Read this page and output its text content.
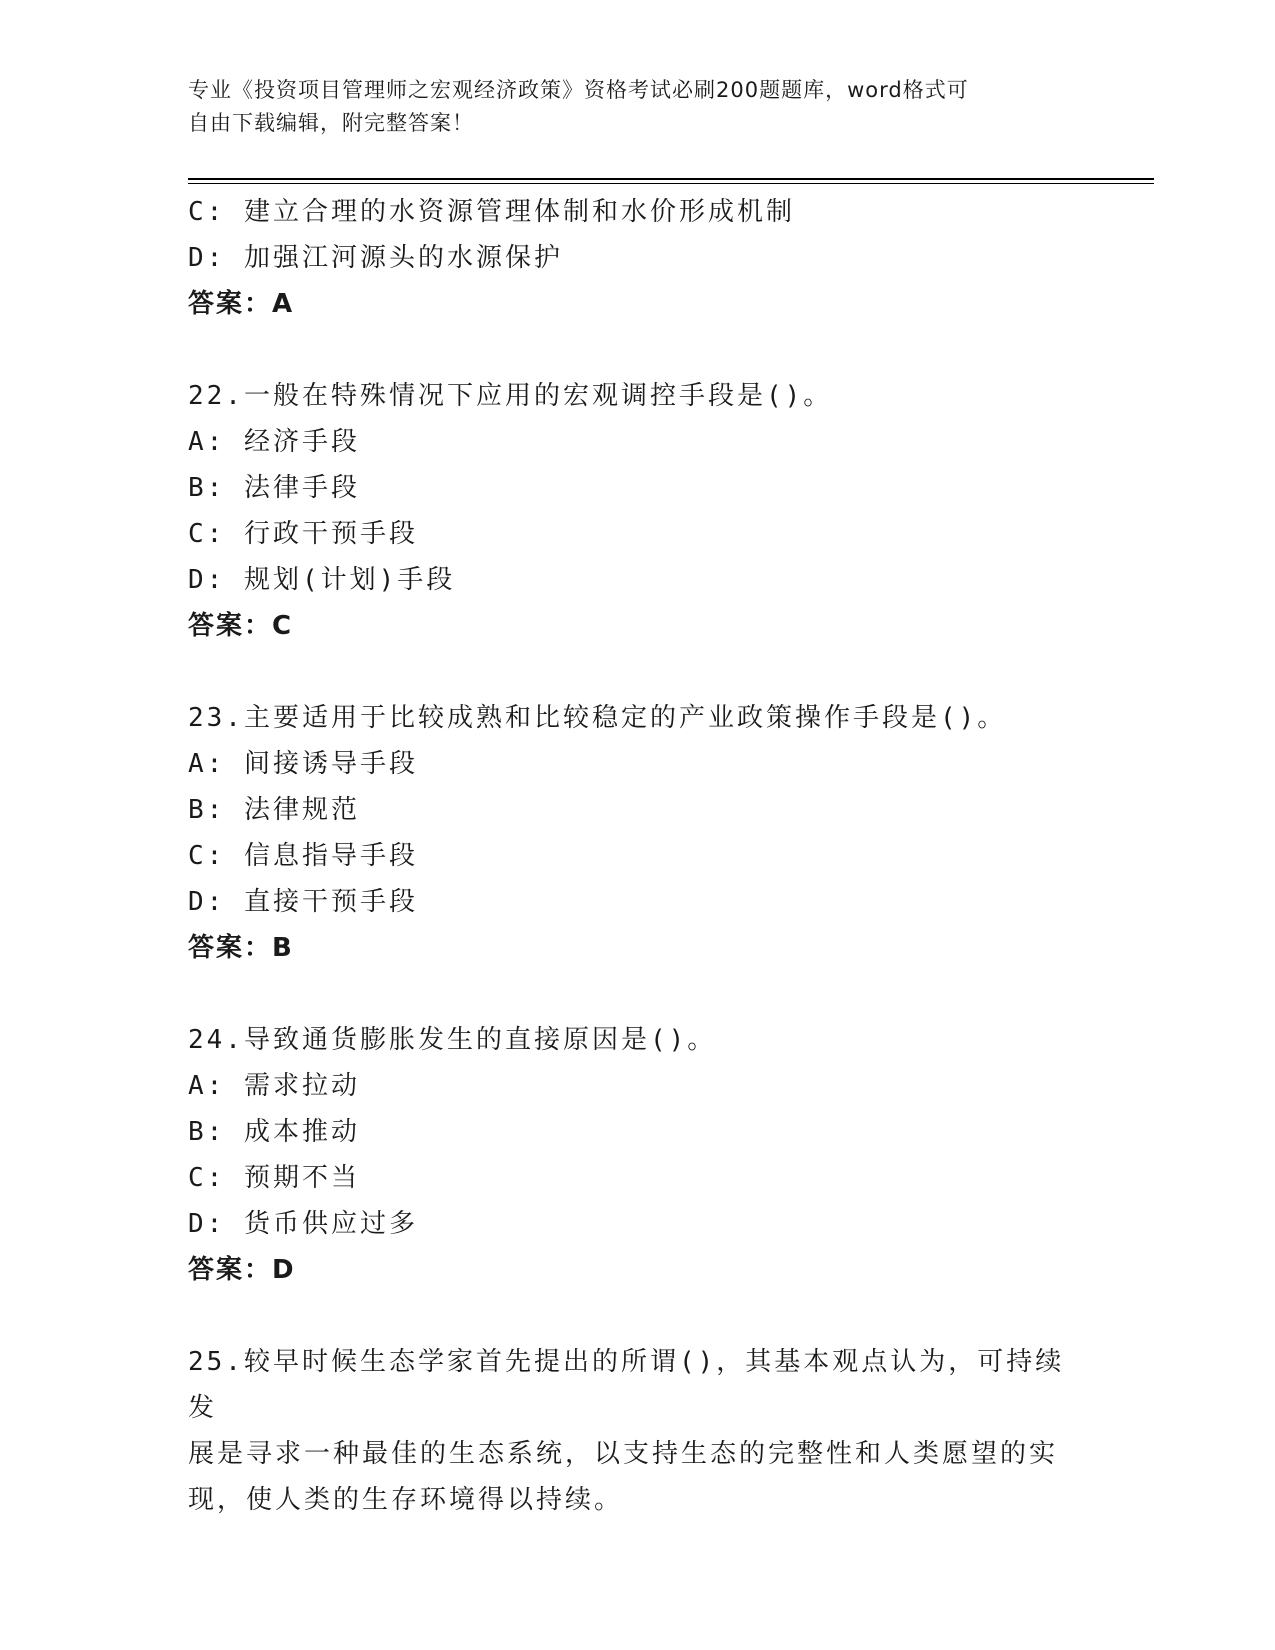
专业《投资项目管理师之宏观经济政策》资格考试必刷200题题库，word格式可
自由下载编辑，附完整答案！
C: 建立合理的水资源管理体制和水价形成机制
D: 加强江河源头的水源保护
答案：A
22.一般在特殊情况下应用的宏观调控手段是()。
A: 经济手段
B: 法律手段
C: 行政干预手段
D: 规划(计划)手段
答案：C
23.主要适用于比较成熟和比较稳定的产业政策操作手段是()。
A: 间接诱导手段
B: 法律规范
C: 信息指导手段
D: 直接干预手段
答案：B
24.导致通货膨胀发生的直接原因是()。
A: 需求拉动
B: 成本推动
C: 预期不当
D: 货币供应过多
答案：D
25.较早时候生态学家首先提出的所谓()，其基本观点认为，可持续发
展是寻求一种最佳的生态系统，以支持生态的完整性和人类愿望的实
现，使人类的生存环境得以持续。
